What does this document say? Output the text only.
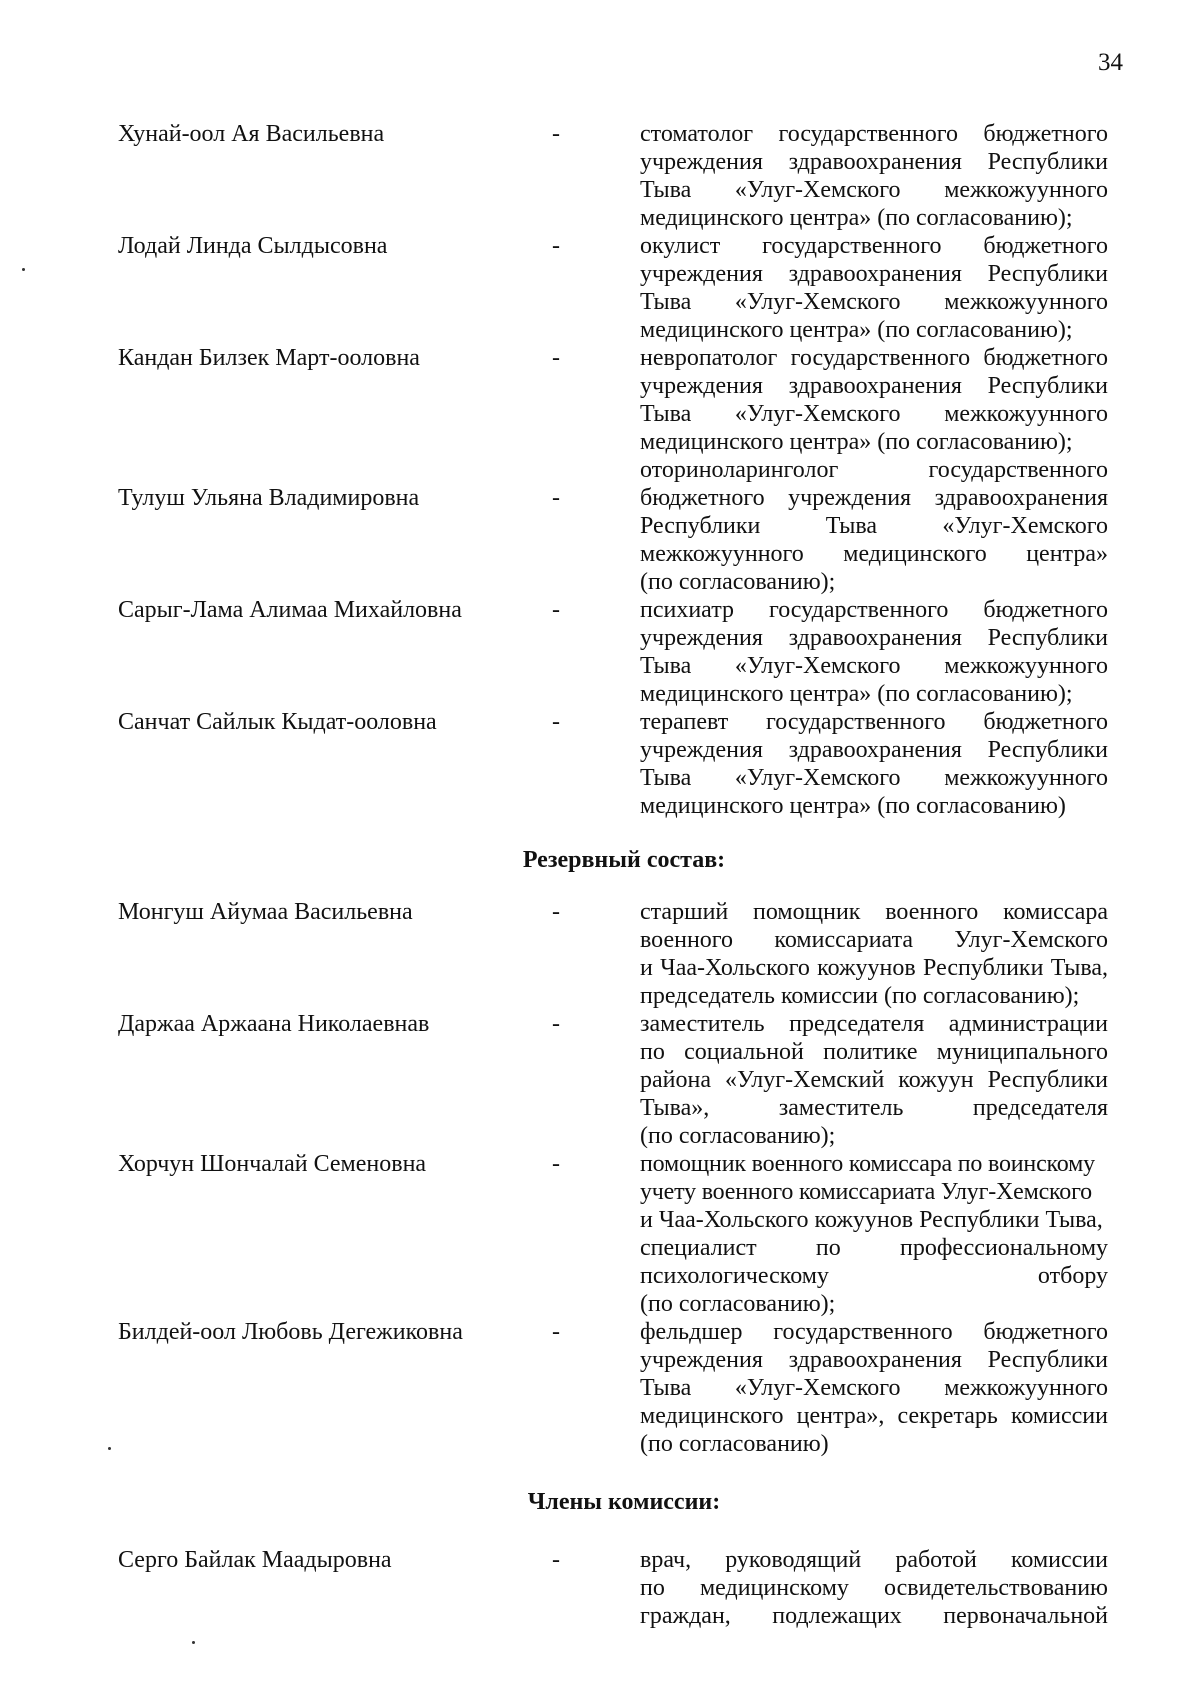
34
Хунай-оол Ая Васильевна	-	стоматолог государственного бюджетного
учреждения здравоохранения Республики
Тыва «Улуг-Хемского межкожуунного
медицинского центра» (по согласованию);
Лодай Линда Сылдысовна	-	окулист государственного бюджетного
учреждения здравоохранения Республики
Тыва «Улуг-Хемского межкожуунного
медицинского центра» (по согласованию);
Кандан Билзек Март-ооловна	-	невропатолог государственного бюджетного
учреждения здравоохранения Республики
Тыва «Улуг-Хемского межкожуунного
медицинского центра» (по согласованию);
Тулуш Ульяна Владимировна	-
оториноларинголог государственного
бюджетного учреждения здравоохранения
Республики Тыва «Улуг-Хемского
межкожуунного медицинского центра»
(по согласованию);
Сарыг-Лама Алимаа Михайловна	-	психиатр государственного бюджетного
учреждения здравоохранения Республики
Тыва «Улуг-Хемского межкожуунного
медицинского центра» (по согласованию);
Санчат Сайлык Кыдат-ооловна	-	терапевт государственного бюджетного
учреждения здравоохранения Республики
Тыва «Улуг-Хемского межкожуунного
медицинского центра» (по согласованию)
Резервный состав:
Монгуш Айумаа Васильевна	-	старший помощник военного комиссара
военного комиссариата Улуг-Хемского
и Чаа-Хольского кожуунов Республики Тыва,
председатель комиссии (по согласованию);
Даржаа Аржаана Николаевнав	-	заместитель председателя администрации
по социальной политике муниципального
района «Улуг-Хемский кожуун Республики
Тыва», заместитель председателя
(по согласованию);
Хорчун Шончалай Семеновна	-	помощник военного комиссара по воинскому
учету военного комиссариата Улуг-Хемского
и Чаа-Хольского кожуунов Республики Тыва,
специалист по профессиональному
психологическому отбору
(по согласованию);
Билдей-оол Любовь Дегежиковна	-	фельдшер государственного бюджетного
учреждения здравоохранения Республики
Тыва «Улуг-Хемского межкожуунного
медицинского центра», секретарь комиссии
(по согласованию)
Члены комиссии:
Серго Байлак Маадыровна	-	врач, руководящий работой комиссии
по медицинскому освидетельствованию
граждан, подлежащих первоначальной
